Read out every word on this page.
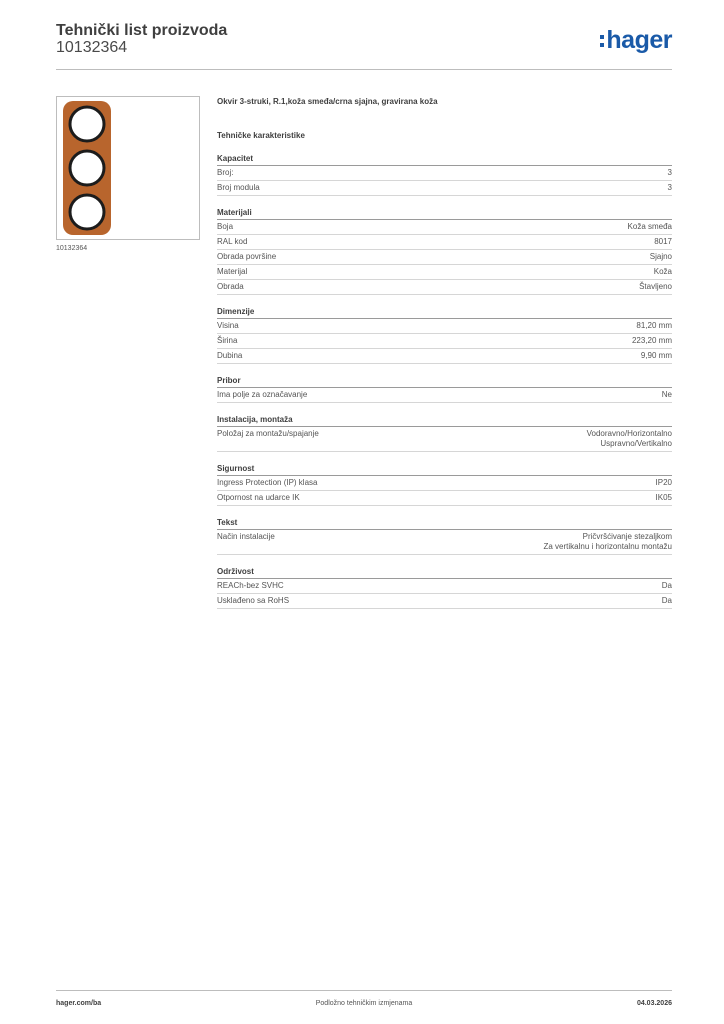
Tehnički list proizvoda
10132364	hager
10132364
Okvir 3-struki, R.1,koža smeđa/crna sjajna, gravirana koža
Tehničke karakteristike
Kapacitet
Broj:	3
Broj modula	3
Materijali
Boja	Koža smeđa
RAL kod	8017
Obrada površine	Sjajno
Materijal	Koža
Obrada	Štavljeno
Dimenzije
Visina	81,20 mm
Širina	223,20 mm
Dubina	9,90 mm
Pribor
Ima polje za označavanje	Ne
Instalacija, montaža
Položaj za montažu/spajanje	Vodoravno/Horizontalno
Uspravno/Vertikalno
Sigurnost
Ingress Protection (IP) klasa	IP20
Otpornost na udarce IK	IK05
Tekst
Način instalacije	Pričvršćivanje stezaljkom
Za vertikalnu i horizontalnu montažu
Održivost
REACh-bez SVHC	Da
Usklađeno sa RoHS	Da
hager.com/ba	Podložno tehničkim izmjenama	04.03.2026
